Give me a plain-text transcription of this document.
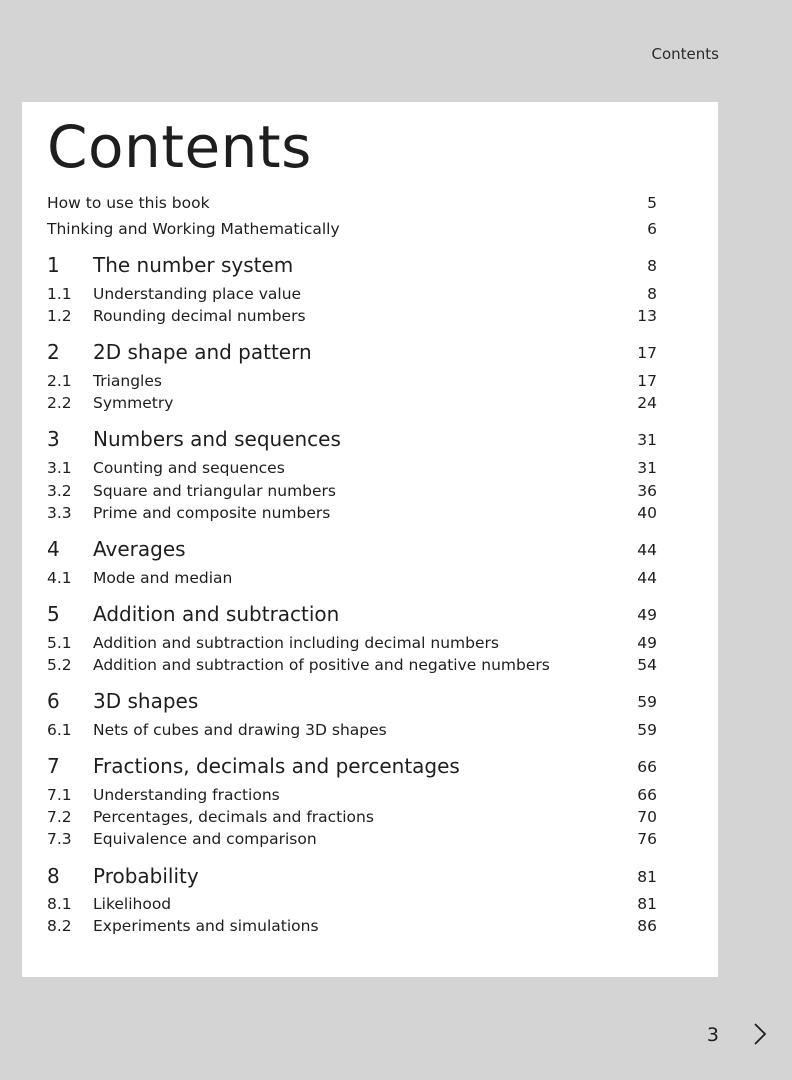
Contents
Contents
How to use this book	5
Thinking and Working Mathematically	6
1 The number system	8
1.1 Understanding place value	8
1.2 Rounding decimal numbers	13
2 2D shape and pattern	17
2.1 Triangles	17
2.2 Symmetry	24
3 Numbers and sequences	31
3.1 Counting and sequences	31
3.2 Square and triangular numbers	36
3.3 Prime and composite numbers	40
4 Averages	44
4.1 Mode and median	44
5 Addition and subtraction	49
5.1 Addition and subtraction including decimal numbers	49
5.2 Addition and subtraction of positive and negative numbers	54
6 3D shapes	59
6.1 Nets of cubes and drawing 3D shapes	59
7 Fractions, decimals and percentages	66
7.1 Understanding fractions	66
7.2 Percentages, decimals and fractions	70
7.3 Equivalence and comparison	76
8 Probability	81
8.1 Likelihood	81
8.2 Experiments and simulations	86
3
